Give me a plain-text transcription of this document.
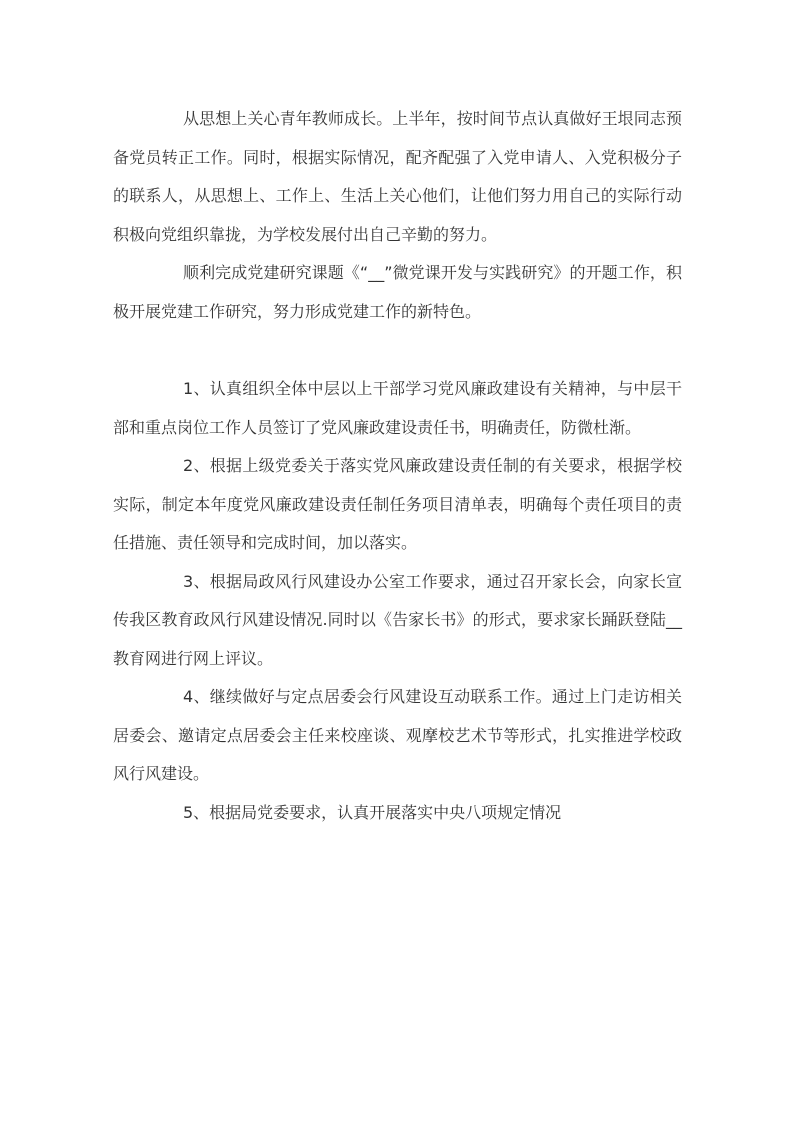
从思想上关心青年教师成长。上半年，按时间节点认真做好王垠同志预备党员转正工作。同时，根据实际情况，配齐配强了入党申请人、入党积极分子的联系人，从思想上、工作上、生活上关心他们，让他们努力用自己的实际行动积极向党组织靠拢，为学校发展付出自己辛勤的努力。

顺利完成党建研究课题《“__”微党课开发与实践研究》的开题工作，积极开展党建工作研究，努力形成党建工作的新特色。

1、认真组织全体中层以上干部学习党风廉政建设有关精神，与中层干部和重点岗位工作人员签订了党风廉政建设责任书，明确责任，防微杜渐。

2、根据上级党委关于落实党风廉政建设责任制的有关要求，根据学校实际，制定本年度党风廉政建设责任制任务项目清单表，明确每个责任项目的责任措施、责任领导和完成时间，加以落实。

3、根据局政风行风建设办公室工作要求，通过召开家长会，向家长宣传我区教育政风行风建设情况.同时以《告家长书》的形式，要求家长踊跃登陆__教育网进行网上评议。

4、继续做好与定点居委会行风建设互动联系工作。通过上门走访相关居委会、邀请定点居委会主任来校座谈、观摩校艺术节等形式，扎实推进学校政风行风建设。

5、根据局党委要求，认真开展落实中央八项规定情况
